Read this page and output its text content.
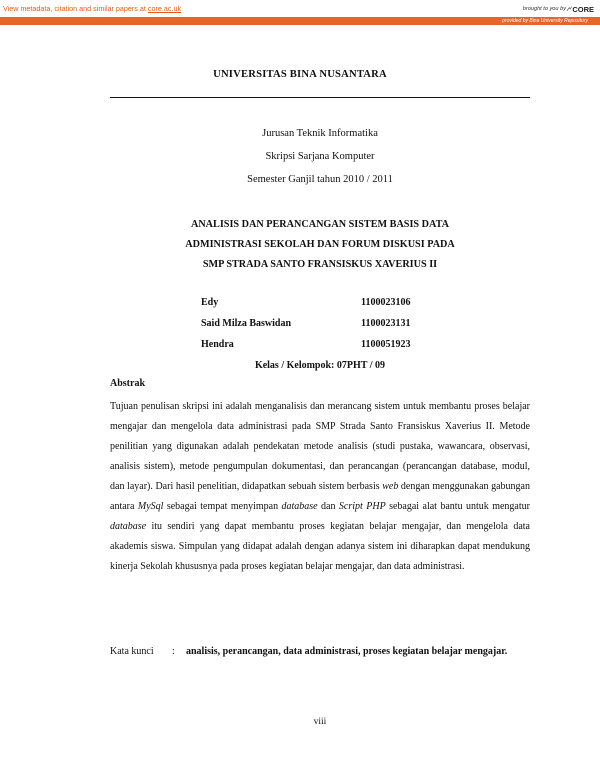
View metadata, citation and similar papers at core.ac.uk	brought to you by CORE
provided by Bina University Repository
UNIVERSITAS BINA NUSANTARA
Jurusan Teknik Informatika
Skripsi Sarjana Komputer
Semester Ganjil tahun 2010 / 2011
ANALISIS DAN PERANCANGAN SISTEM BASIS DATA
ADMINISTRASI SEKOLAH DAN FORUM DISKUSI PADA
SMP STRADA SANTO FRANSISKUS XAVERIUS II
Edy	1100023106
Said Milza Baswidan	1100023131
Hendra	1100051923
Kelas / Kelompok: 07PHT / 09
Abstrak
Tujuan penulisan skripsi ini adalah menganalisis dan merancang sistem untuk membantu proses belajar mengajar dan mengelola data administrasi pada SMP Strada Santo Fransiskus Xaverius II. Metode penilitian yang digunakan adalah pendekatan metode analisis (studi pustaka, wawancara, observasi, analisis sistem), metode pengumpulan dokumentasi, dan perancangan (perancangan database, modul, dan layar). Dari hasil penelitian, didapatkan sebuah sistem berbasis web dengan menggunakan gabungan antara MySql sebagai tempat menyimpan database dan Script PHP sebagai alat bantu untuk mengatur database itu sendiri yang dapat membantu proses kegiatan belajar mengajar, dan mengelola data akademis siswa. Simpulan yang didapat adalah dengan adanya sistem ini diharapkan dapat mendukung kinerja Sekolah khususnya pada proses kegiatan belajar mengajar, dan data administrasi.
Kata kunci : analisis, perancangan, data administrasi, proses kegiatan belajar mengajar.
viii
